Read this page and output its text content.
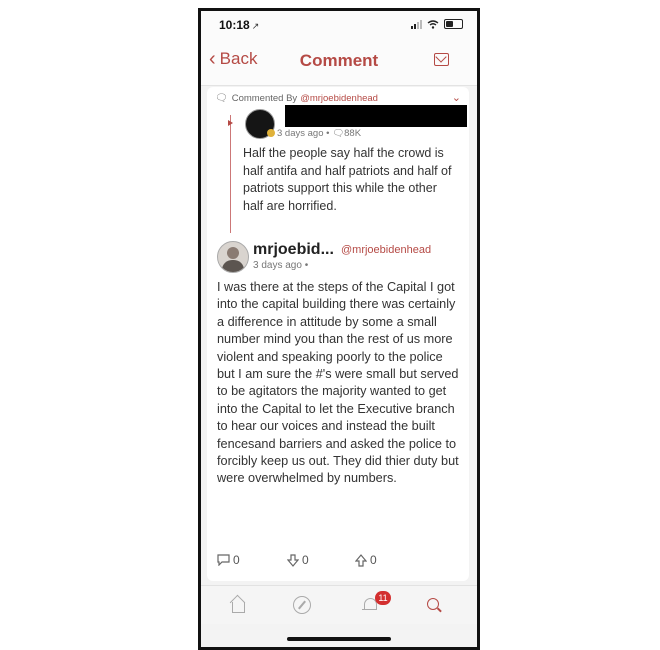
10:18 ↗
‹ Back	Comment
🗨 Commented By @mrjoebidenhead	⌄
3 days ago • 🗨88K
Half the people say half the crowd is half antifa and half patriots and half of patriots support this while the other half are horrified.
mrjoebid... @mrjoebidenhead
3 days ago •
I was there at the steps of the Capital I got into the capital building there was certainly a difference in attitude by some a small number mind you than the rest of us more violent and speaking poorly to the police but I am sure the #'s were small but served to be agitators the majority wanted to get into the Capital to let the Executive branch to hear our voices and instead the built fencesand barriers and asked the police to forcibly keep us out. They did thier duty but were overwhelmed by numbers.
0	0	0
11
